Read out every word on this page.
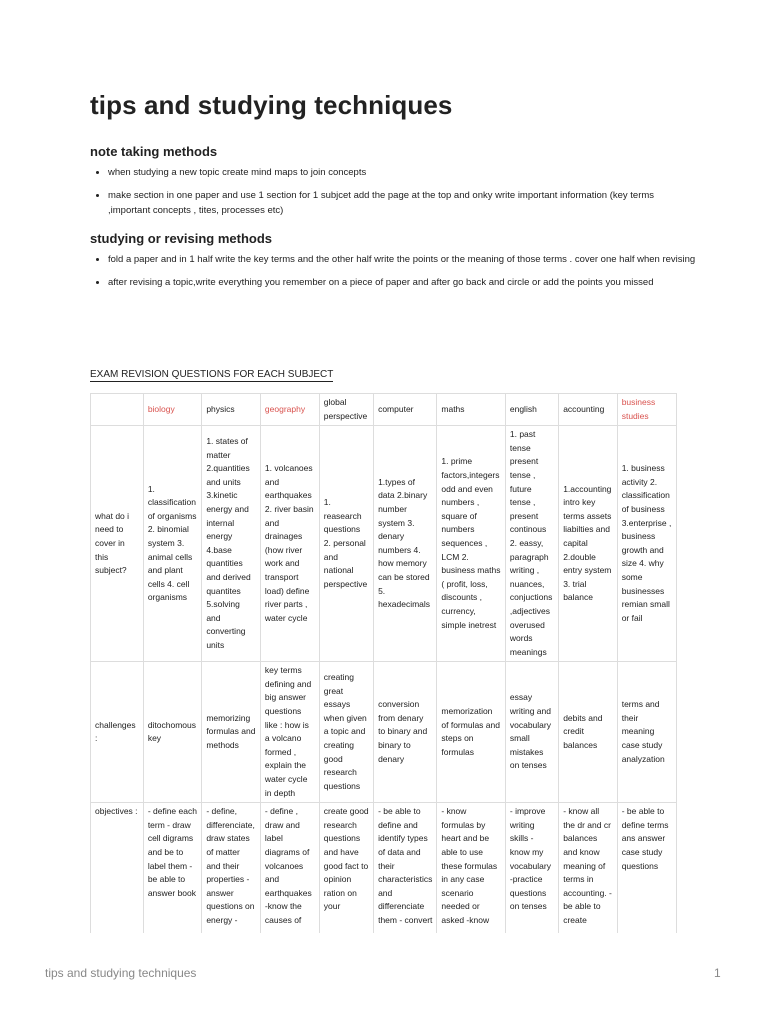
tips and studying techniques
note taking methods
• when studying a new topic create mind maps to join concepts
• make section in one paper and use 1 section for 1 subjcet add the page at the top and onky write important information (key terms ,important concepts , tites, processes etc)
studying or revising methods
• fold a paper and in 1 half write the key terms and the other half write the points or the meaning of those terms . cover one half when revising
• after revising a topic,write everything you remember on a piece of paper and after go back and circle or add the points you missed
EXAM REVISION QUESTIONS FOR EACH SUBJECT
	biology	physics	geography	global perspective	computer	maths	english	accounting	business studies
what do i need to cover in this subject?	1. classification of organisms 2. binomial system 3. animal cells and plant cells 4. cell organisms	1. states of matter 2.quantities and units 3.kinetic energy and internal energy 4.base quantities and derived quantites 5.solving and converting units	1. volcanoes and earthquakes 2. river basin and drainages (how river work and transport load) define river parts , water cycle	1. reasearch questions 2. personal and national perspective	1.types of data 2.binary number system 3. denary numbers 4. how memory can be stored 5. hexadecimals	1. prime factors,integers odd and even numbers , square of numbers sequences , LCM 2. business maths ( profit, loss, discounts , currency, simple inetrest	1. past tense present tense , future tense , present continous 2. eassy, paragraph writing , nuances, conjuctions ,adjectives overused words meanings	1.accounting intro key terms assets liabilties and capital 2.double entry system 3. trial balance	1. business activity 2. classification of business 3.enterprise , business growth and size 4. why some businesses remian small or fail
challenges :	ditochomous key	memorizing formulas and methods	key terms defining and big answer questions like : how is a volcano formed , explain the water cycle in depth	creating great essays when given a topic and creating good research questions	conversion from denary to binary and binary to denary	memorization of formulas and steps on formulas	essay writing and vocabulary small mistakes on tenses	debits and credit balances	terms and their meaning case study analyzation
objectives :	- define each term - draw cell digrams and be to label them -be able to answer book	- define, differenciate, draw states of matter and their properties - answer questions on energy -	- define , draw and label diagrams of volcanoes and earthquakes -know the causes of	create good research questions and have good fact to opinion ration on your	- be able to define and identify types of data and their characteristics and differenciate them - convert	- know formulas by heart and be able to use these formulas in any case scenario needed or asked -know	- improve writing skills - know my vocabulary -practice questions on tenses	- know all the dr and cr balances and know meaning of terms in accounting. - be able to create	- be able to define terms ans answer case study questions
tips and studying techniques	1
